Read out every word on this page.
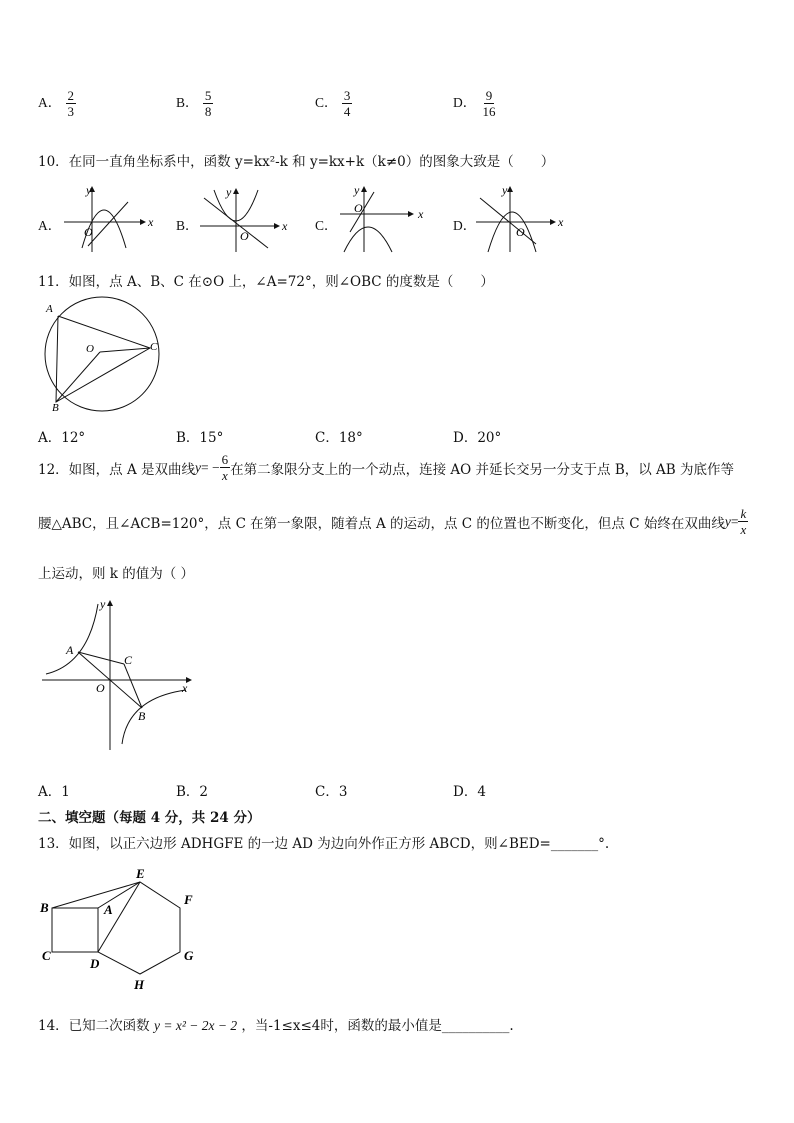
A． $\frac{2}{3}$	B． $\frac{5}{8}$	C． $\frac{3}{4}$	D． $\frac{9}{16}$
10．在同一直角坐标系中，函数 y=kx²-k 和 y=kx+k（k≠0）的图象大致是（　　）
A．	x
y
O	B．	x
y
O
C．
x
y
O
D．	x
y
O
11．如图，点 A、B、C 在⊙O 上，∠A=72°，则∠OBC 的度数是（　　）
A
C
B
O
A．12°	B．15°	C．18°	D．20°
12．如图，点 A 是双曲线 y = − $\frac{6}{x}$ 在第二象限分支上的一个动点，连接 AO 并延长交另一分支于点 B，以 AB 为底作等
腰△ABC，且∠ACB=120°，点 C 在第一象限，随着点 A 的运动，点 C 的位置也不断变化，但点 C 始终在双曲线 $y = \frac{k}{x}$
上运动，则 k 的值为（ ）
A
C
B
O	x
y
A．1	B．2	C．3	D．4
二、填空题（每题 4 分，共 24 分）
13．如图，以正六边形 ADHGFE 的一边 AD 为边向外作正方形 ABCD，则∠BED=_______°.
E
F
G
H
D
A
B
C
14．已知二次函数 y = x² − 2x − 2 ，当-1≤x≤4时，函数的最小值是__________.
